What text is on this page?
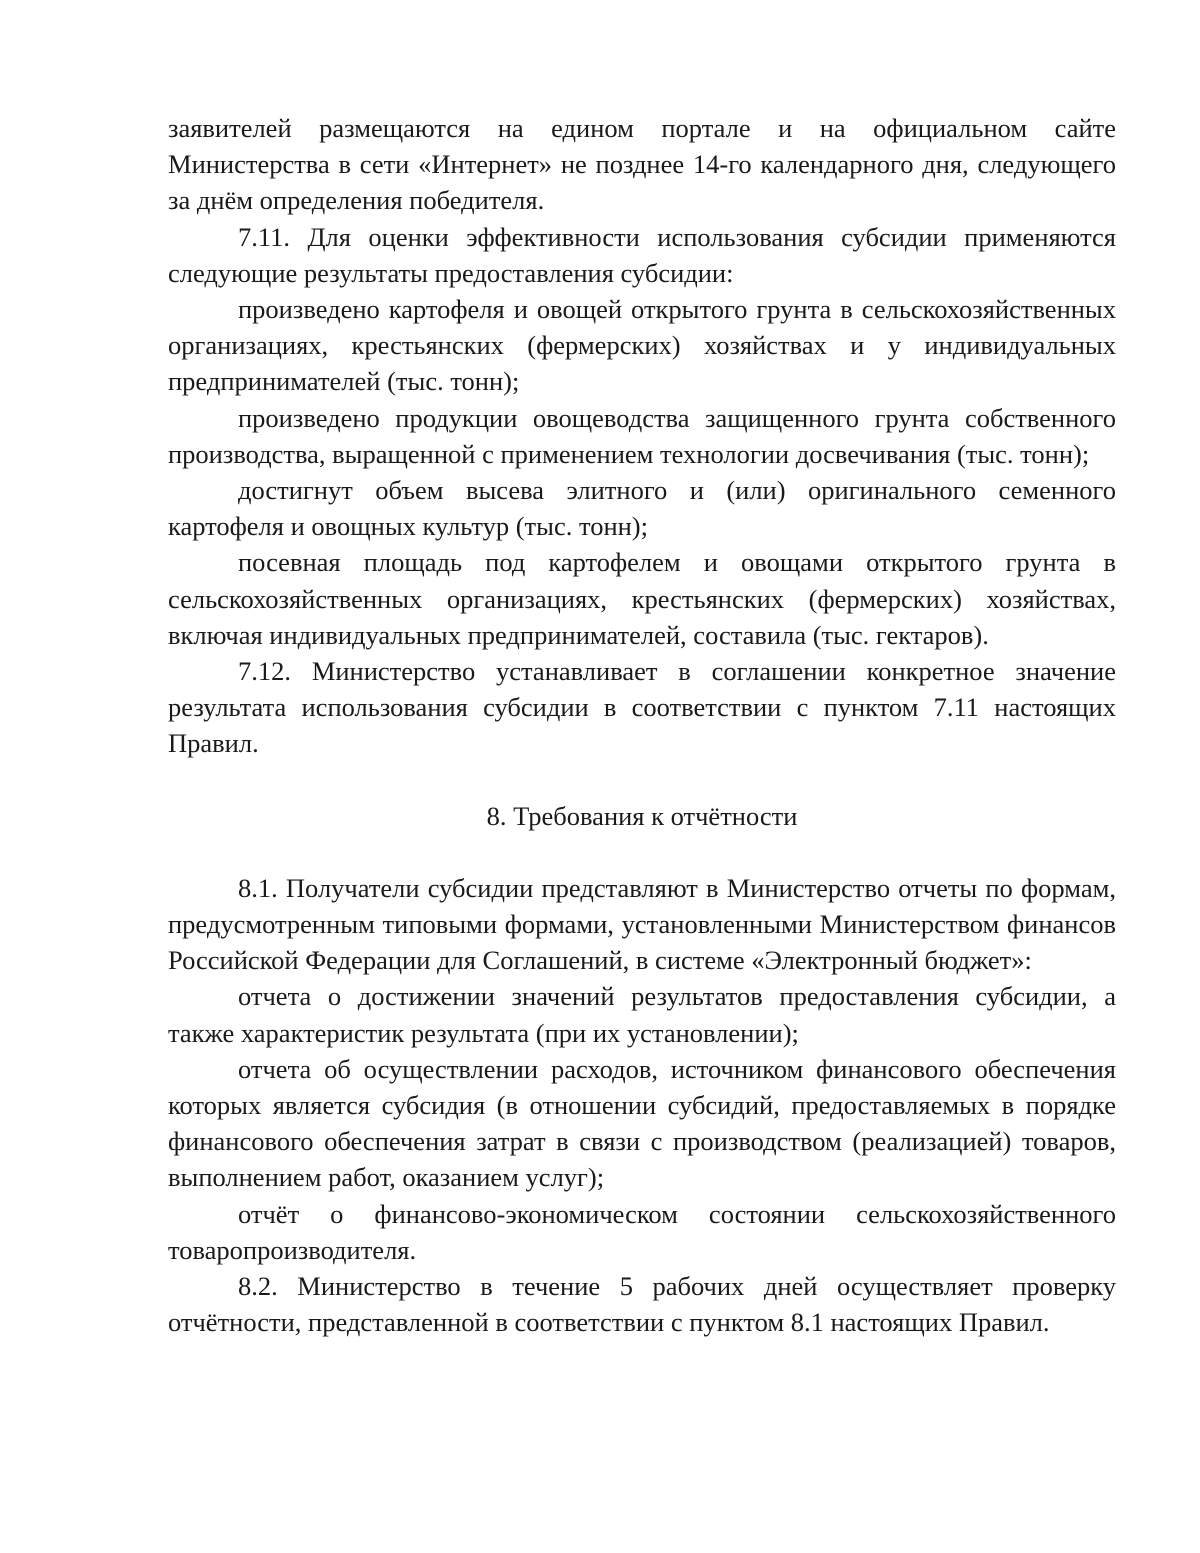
заявителей размещаются на едином портале и на официальном сайте Министерства в сети «Интернет» не позднее 14-го календарного дня, следующего за днём определения победителя.

7.11. Для оценки эффективности использования субсидии применяются следующие результаты предоставления субсидии:

произведено картофеля и овощей открытого грунта в сельскохозяйственных организациях, крестьянских (фермерских) хозяйствах и у индивидуальных предпринимателей (тыс. тонн);

произведено продукции овощеводства защищенного грунта собственного производства, выращенной с применением технологии досвечивания (тыс. тонн);

достигнут объем высева элитного и (или) оригинального семенного картофеля и овощных культур (тыс. тонн);

посевная площадь под картофелем и овощами открытого грунта в сельскохозяйственных организациях, крестьянских (фермерских) хозяйствах, включая индивидуальных предпринимателей, составила (тыс. гектаров).

7.12. Министерство устанавливает в соглашении конкретное значение результата использования субсидии в соответствии с пунктом 7.11 настоящих Правил.

8. Требования к отчётности

8.1. Получатели субсидии представляют в Министерство отчеты по формам, предусмотренным типовыми формами, установленными Министерством финансов Российской Федерации для Соглашений, в системе «Электронный бюджет»:

отчета о достижении значений результатов предоставления субсидии, а также характеристик результата (при их установлении);

отчета об осуществлении расходов, источником финансового обеспечения которых является субсидия (в отношении субсидий, предоставляемых в порядке финансового обеспечения затрат в связи с производством (реализацией) товаров, выполнением работ, оказанием услуг);

отчёт о финансово-экономическом состоянии сельскохозяйственного товаропроизводителя.

8.2. Министерство в течение 5 рабочих дней осуществляет проверку отчётности, представленной в соответствии с пунктом 8.1 настоящих Правил.
